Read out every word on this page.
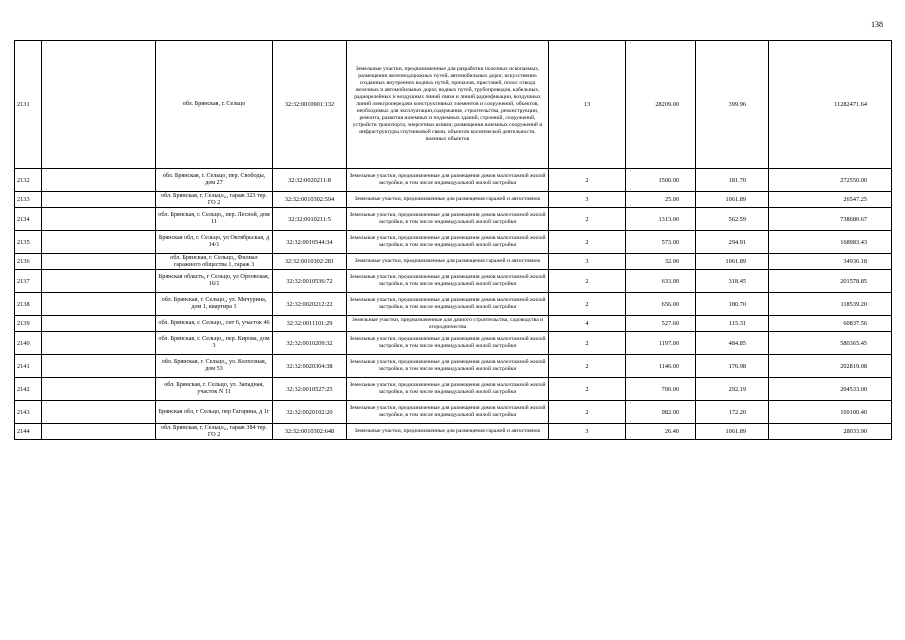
138
2131		обл. Брянская, г. Сельцо	32:32:0010901:132	Земельные участки, предназначенные для разработки полезных ископаемых, размещения железнодорожных путей, автомобильных дорог, искусственно созданных внутренних водных путей, причалов, пристаней, полос отвода железных и автомобильных дорог, водных путей, трубопроводов, кабельных, радиорелейных и воздушных линий связи и линий радиофикации, воздушных линий электропередачи конструктивных элементов и сооружений, объектов, необходимых для эксплуатации,содержания, строительства, реконструкции, ремонта, развития наземных и подземных зданий, строений, сооружений, устройств транспорта, энергетики исвязи; размещения наземных сооружений и инфраструктуры спутниковой связи, объектов космической деятельности, военных объектов	13	28209.00	399.96	11282471.64
2132		обл. Брянская, г. Сельцо, пер. Свободы, дом 27	32:32:0020211:8	Земельные участки, предназначенные для размещения домов малоэтажной жилой застройки, в том числе индивидуальной жилой застройки	2	1500.00	181.70	272550.00
2133		обл. Брянская, г. Сельцо,,, гараж 323 тер. ГО 2	32:32:0010302:594	Земельные участки, предназначенные для размещения гаражей и автостоянок	3	25.00	1061.89	26547.25
2134		обл. Брянская, г. Сельцо,, пер. Лесной, дом 11	32:32:0010211:5	Земельные участки, предназначенные для размещения домов малоэтажной жилой застройки, в том числе индивидуальной жилой застройки	2	1313.00	562.59	738680.67
2135		Брянская обл, г. Сельцо, ул Октябрьская, д 14/1	32:32:0010544:34	Земельные участки, предназначенные для размещения домов малоэтажной жилой застройки, в том числе индивидуальной жилой застройки	2	573.00	294.91	168983.43
2136		обл. Брянская, г. Сельцо,, Филиал гаражного общества 1, гараж 3	32:32:0010302:281	Земельные участки, предназначенные для размещения гаражей и автостоянок	3	32.90	1061.89	34936.18
2137		Брянская область, г Сельцо, ул Орловская, 16/1	32:32:0010536:72	Земельные участки, предназначенные для размещения домов малоэтажной жилой застройки, в том числе индивидуальной жилой застройки	2	633.00	318.45	201578.85
2138		обл. Брянская, г. Сельцо,, ул. Мичурина, дом 1, квартира 1	32:32:0020212:22	Земельные участки, предназначенные для размещения домов малоэтажной жилой застройки, в том числе индивидуальной жилой застройки	2	656.00	180.70	118539.20
2139		обл. Брянская, г. Сельцо,, снт 6, участок 46	32:32:0011101:29	Земельные участки, предназначенные для дачного строительства, садоводства и огородничества	4	527.60	115.31	60837.56
2140		обл. Брянская, г. Сельцо,, пер. Кирова, дом 3	32:32:0010209:32	Земельные участки, предназначенные для размещения домов малоэтажной жилой застройки, в том числе индивидуальной жилой застройки	2	1197.00	484.85	580365.45
2141		обл. Брянская, г. Сельцо,, ул. Колхозная, дом 53	32:32:0020304:38	Земельные участки, предназначенные для размещения домов малоэтажной жилой застройки, в том числе индивидуальной жилой застройки	2	1146.00	176.98	202819.08
2142		обл. Брянская, г. Сельцо, ул. Западная, участок N 11	32:32:0010527:25	Земельные участки, предназначенные для размещения домов малоэтажной жилой застройки, в том числе индивидуальной жилой застройки	2	700.00	292.19	204533.00
2143		Брянская обл, г Сельцо, пер Гагарина, д 1г	32:32:0020102:20	Земельные участки, предназначенные для размещения домов малоэтажной жилой застройки, в том числе индивидуальной жилой застройки	2	982.00	172.20	169100.40
2144		обл. Брянская, г. Сельцо,,, гараж 384 тер. ГО 2	32:32:0010302:648	Земельные участки, предназначенные для размещения гаражей и автостоянок	3	26.40	1061.89	28033.90
